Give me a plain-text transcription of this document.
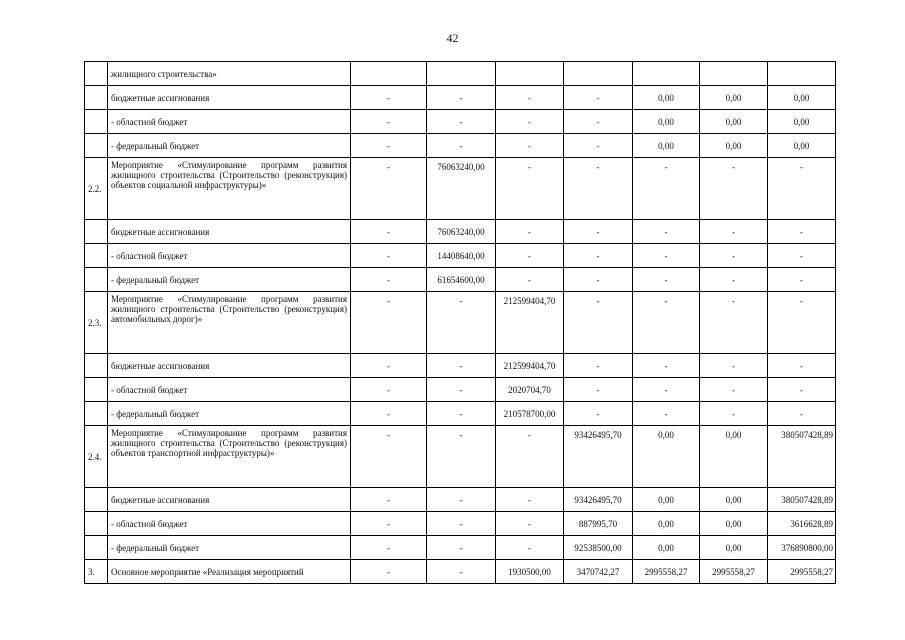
42
	жилищного строительства»							
	бюджетные ассигнования	-	-	-	-	0,00	0,00	0,00
	- областной бюджет	-	-	-	-	0,00	0,00	0,00
	- федеральный бюджет	-	-	-	-	0,00	0,00	0,00
2.2.	Мероприятие «Стимулирование программ развития жилищного строительства (Строительство (реконструкция) объектов социальной инфраструктуры)»	-	76063240,00	-	-	-	-	-
	бюджетные ассигнования	-	76063240,00	-	-	-	-	-
	- областной бюджет	-	14408640,00	-	-	-	-	-
	- федеральный бюджет	-	61654600,00	-	-	-	-	-
2.3.	Мероприятие «Стимулирование программ развития жилищного строительства (Строительство (реконструкция) автомобильных дорог)»	-	-	212599404,70	-	-	-	-
	бюджетные ассигнования	-	-	212599404,70	-	-	-	-
	- областной бюджет	-	-	2020704,70	-	-	-	-
	- федеральный бюджет	-	-	210578700,00	-	-	-	-
2.4.	Мероприятие «Стимулирование программ развития жилищного строительства (Строительство (реконструкция) объектов транспортной инфраструктуры)»	-	-	-	93426495,70	0,00	0,00	380507428,89
	бюджетные ассигнования	-	-	-	93426495,70	0,00	0,00	380507428,89
	- областной бюджет	-	-	-	887995,70	0,00	0,00	3616628,89
	- федеральный бюджет	-	-	-	92538500,00	0,00	0,00	376890800,00
3.	Основное мероприятие «Реализация мероприятий	-	-	1930500,00	3470742,27	2995558,27	2995558,27	2995558,27
